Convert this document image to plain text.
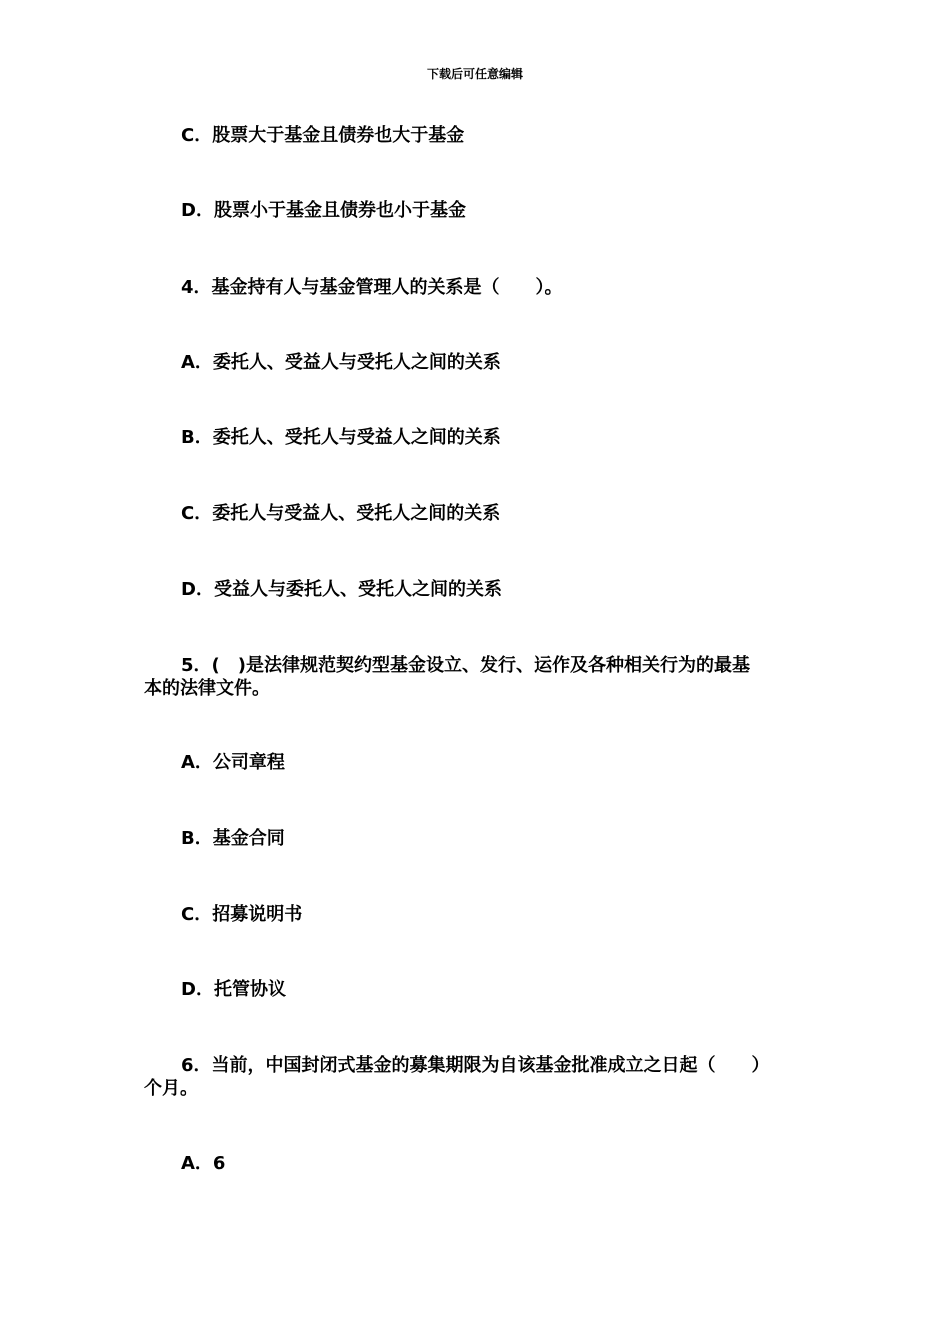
下载后可任意编辑
C．股票大于基金且债券也大于基金
D．股票小于基金且债券也小于基金
4．基金持有人与基金管理人的关系是（　　）。
A．委托人、受益人与受托人之间的关系
B．委托人、受托人与受益人之间的关系
C．委托人与受益人、受托人之间的关系
D．受益人与委托人、受托人之间的关系
5．(　)是法律规范契约型基金设立、发行、运作及各种相关行为的最基
本的法律文件。
A．公司章程
B．基金合同
C．招募说明书
D．托管协议
6．当前，中国封闭式基金的募集期限为自该基金批准成立之日起（　　）
个月。
A．6
